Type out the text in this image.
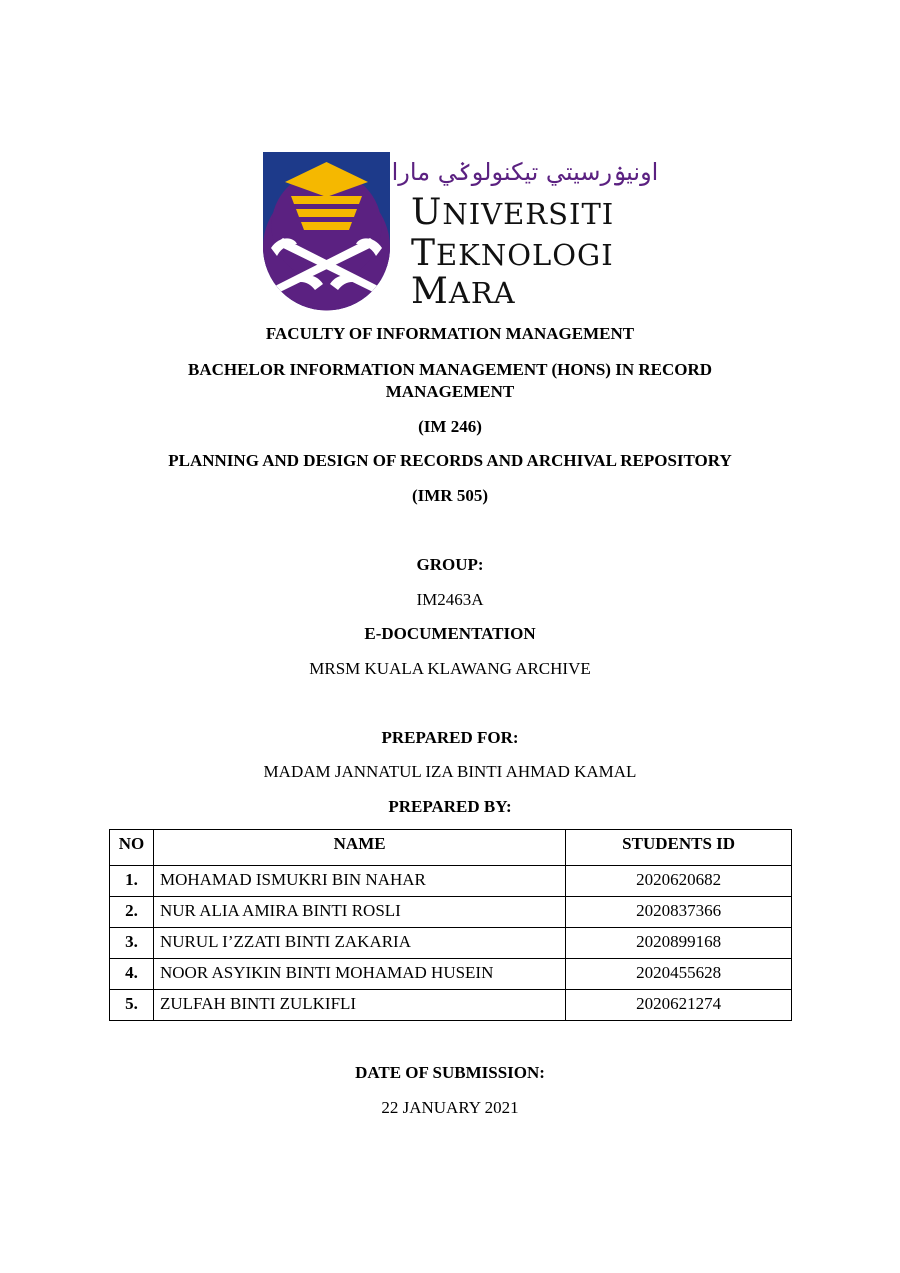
اونيۏرسيتي تيكنولوݢي مارا
UNIVERSITI
TEKNOLOGI
MARA
FACULTY OF INFORMATION MANAGEMENT
BACHELOR INFORMATION MANAGEMENT (HONS) IN RECORD
MANAGEMENT
(IM 246)
PLANNING AND DESIGN OF RECORDS AND ARCHIVAL REPOSITORY
(IMR 505)
GROUP:
IM2463A
E-DOCUMENTATION
MRSM KUALA KLAWANG ARCHIVE
PREPARED FOR:
MADAM JANNATUL IZA BINTI AHMAD KAMAL
PREPARED BY:
NO	NAME	STUDENTS ID
1.	MOHAMAD ISMUKRI BIN NAHAR	2020620682
2.	NUR ALIA AMIRA BINTI ROSLI	2020837366
3.	NURUL I’ZZATI BINTI ZAKARIA	2020899168
4.	NOOR ASYIKIN BINTI MOHAMAD HUSEIN	2020455628
5.	ZULFAH BINTI ZULKIFLI	2020621274
DATE OF SUBMISSION:
22 JANUARY 2021
